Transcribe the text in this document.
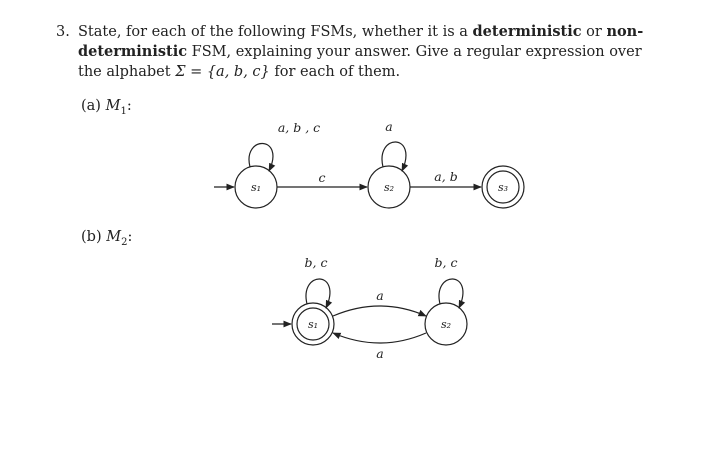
3. State, for each of the following FSMs, whether it is a deterministic or non-deterministic FSM, explaining your answer. Give a regular expression over the alphabet Σ = {a, b, c} for each of them.
(a) $M_1$:
(b) $M_2$:
s₁	s₂	s₃
c	a, b
a, b , c	a
s₁	s₂
a
a
b, c	b, c
